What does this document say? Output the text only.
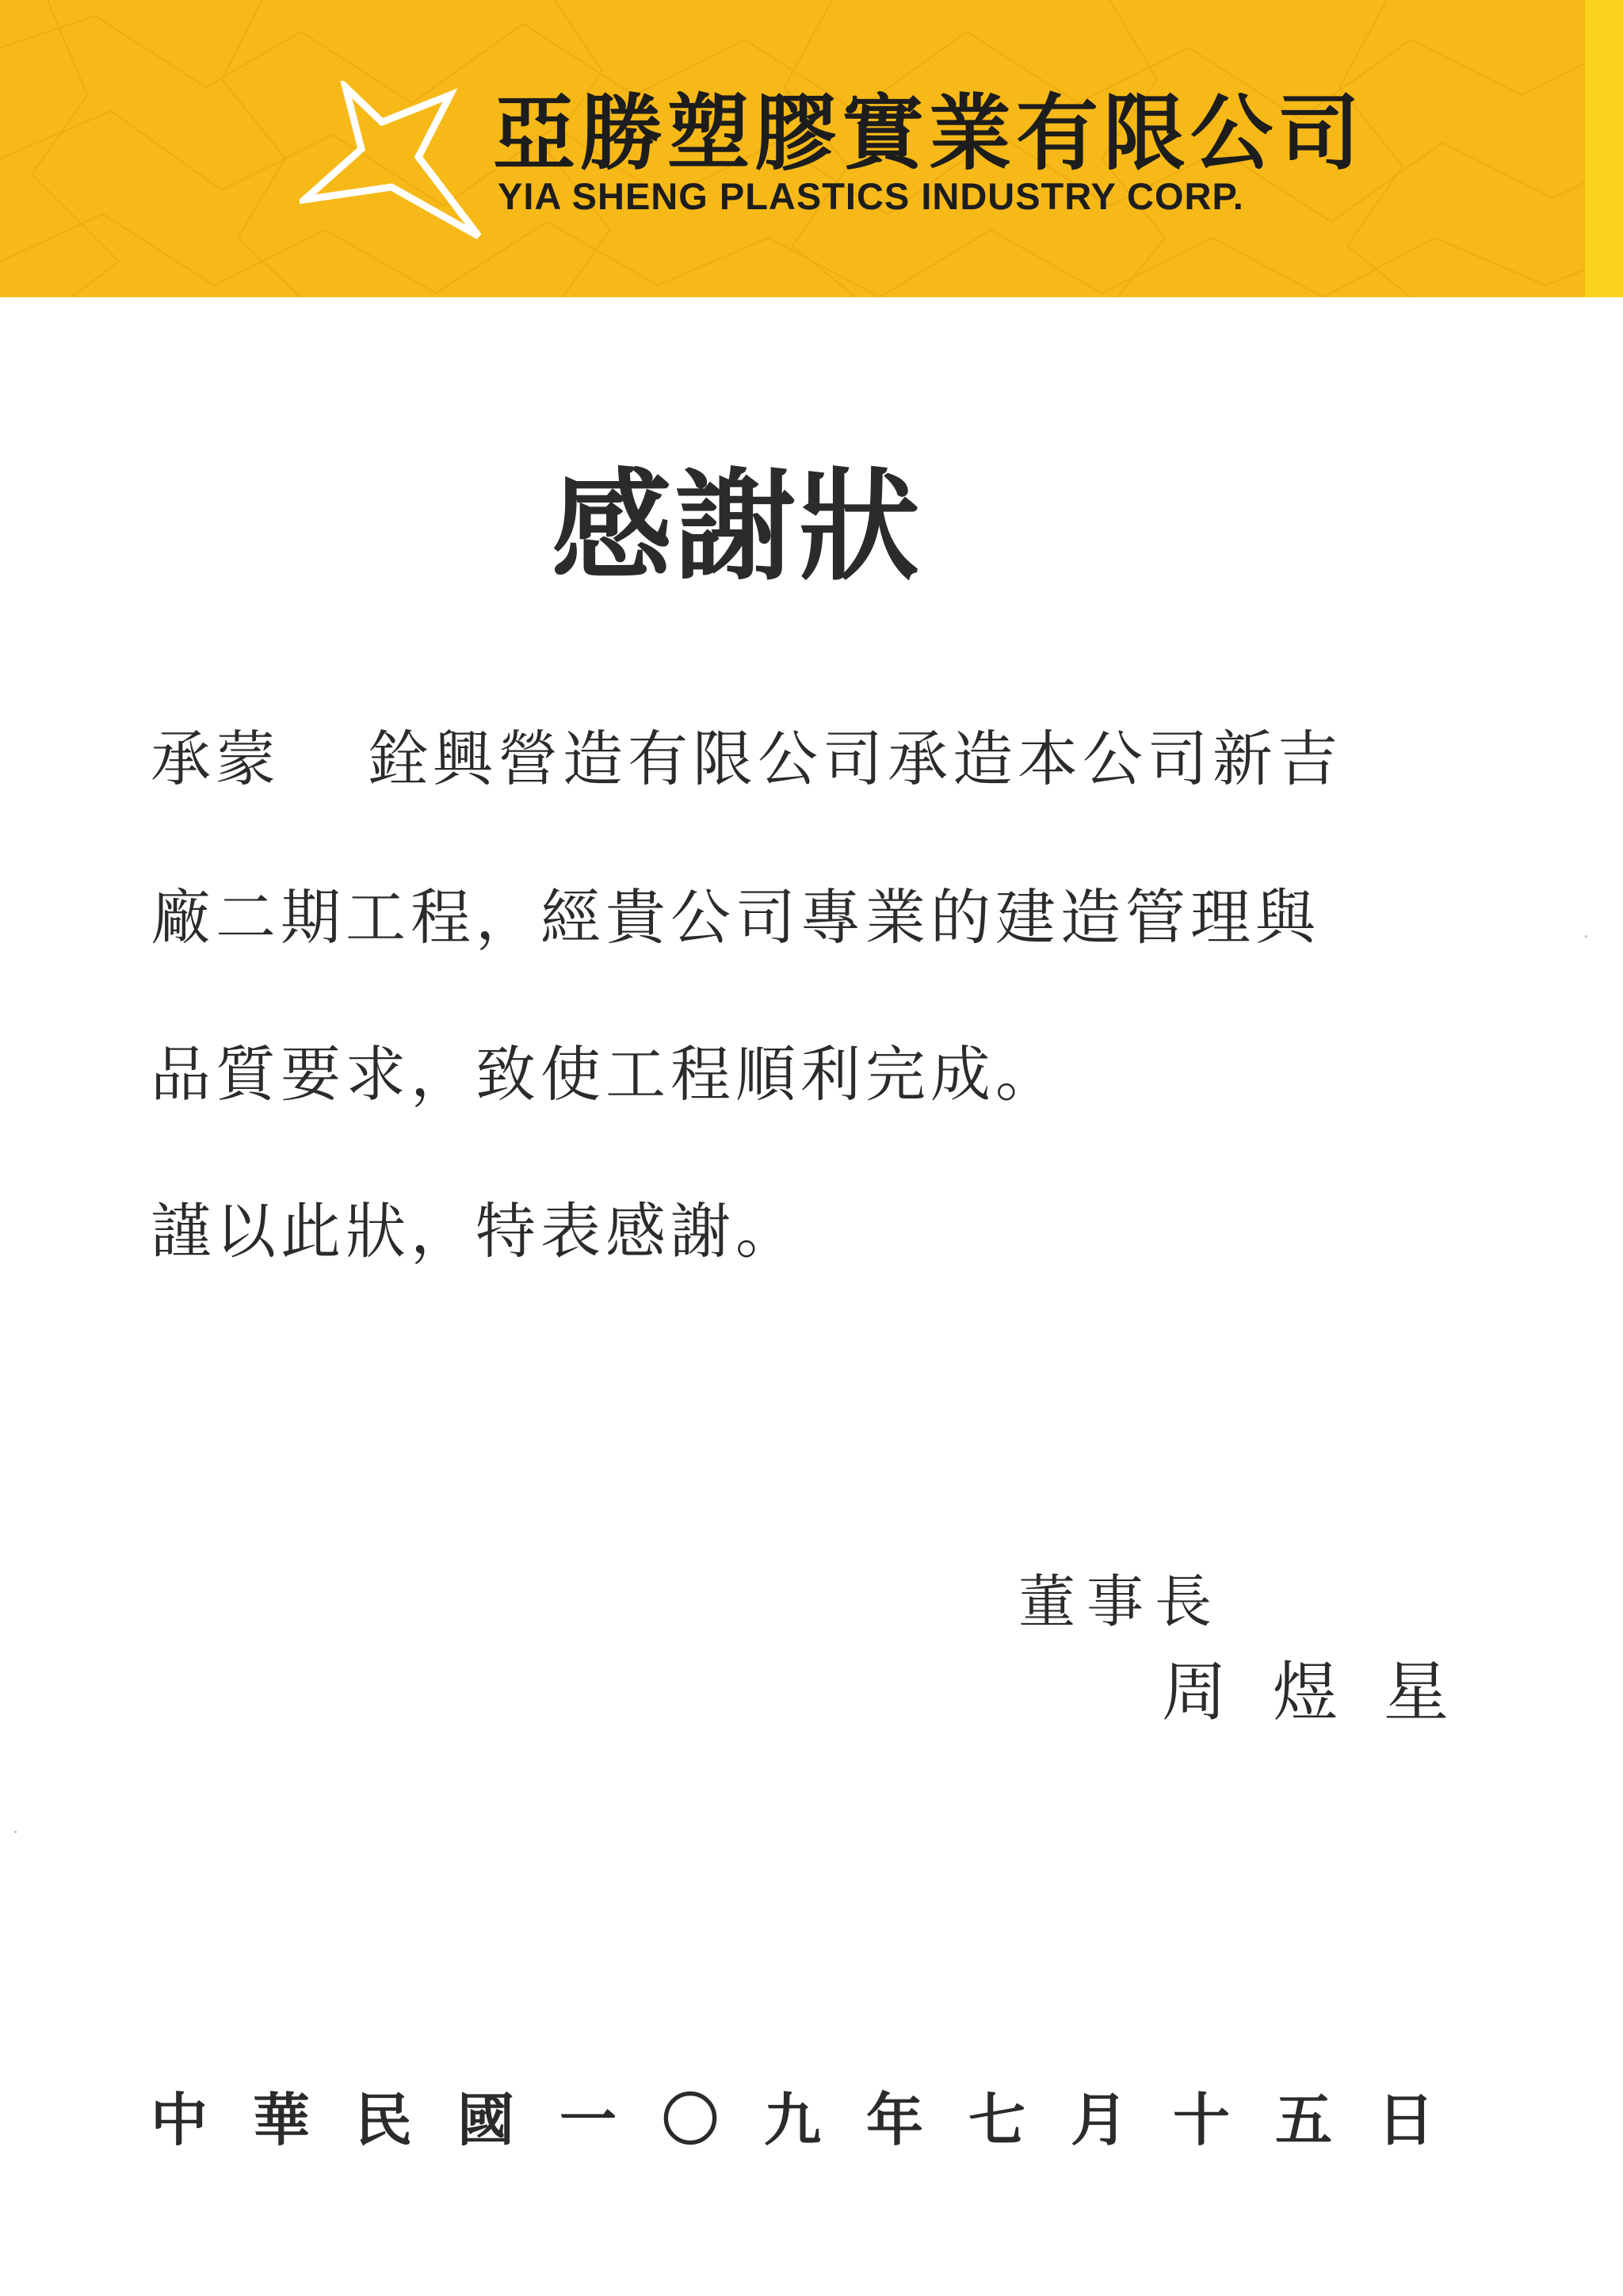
亞勝塑膠實業有限公司
YIA SHENG PLASTICS INDUSTRY CORP.
感謝狀
承蒙 銓興營造有限公司承造本公司新吉
廠二期工程，經貴公司專業的建造管理與
品質要求，致使工程順利完成。
謹以此狀，特表感謝。
董事長
周煜星
中華民國一〇九年七月十五日
